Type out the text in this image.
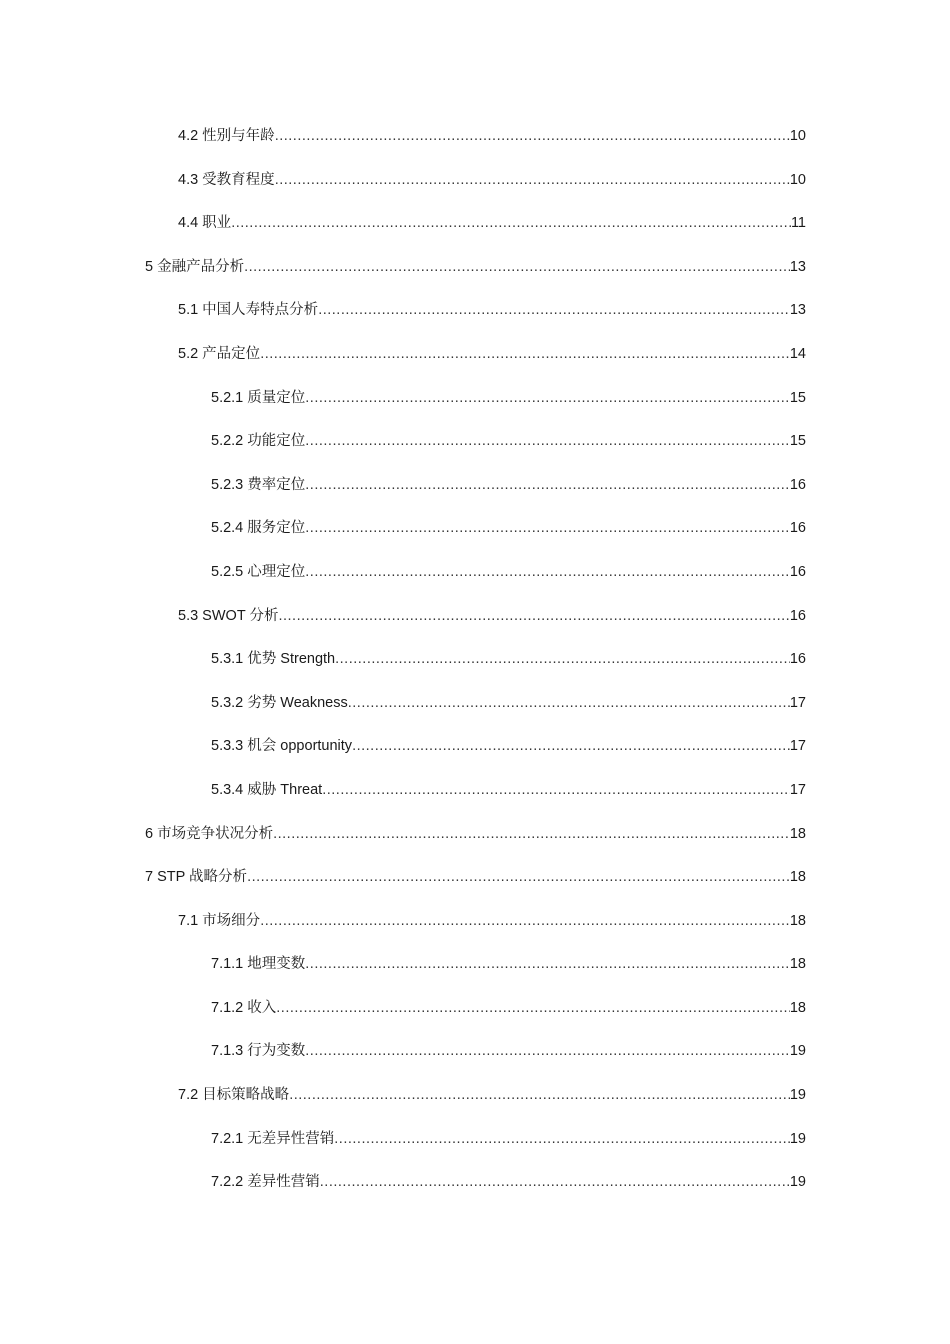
4.2 性别与年龄 .....	10
4.3 受教育程度 .....	10
4.4 职业 .....	11
5 金融产品分析 .....	13
5.1 中国人寿特点分析 .....	13
5.2 产品定位 .....	14
5.2.1 质量定位 .....	15
5.2.2 功能定位 .....	15
5.2.3 费率定位 .....	16
5.2.4 服务定位 .....	16
5.2.5 心理定位 .....	16
5.3 SWOT 分析 .....	16
5.3.1 优势 Strength .....	16
5.3.2 劣势 Weakness .....	17
5.3.3 机会 opportunity .....	17
5.3.4 威胁 Threat .....	17
6 市场竞争状况分析 .....	18
7 STP 战略分析 .....	18
7.1 市场细分 .....	18
7.1.1 地理变数 .....	18
7.1.2 收入 .....	18
7.1.3 行为变数 .....	19
7.2 目标策略战略 .....	19
7.2.1 无差异性营销 .....	19
7.2.2 差异性营销 .....	19
